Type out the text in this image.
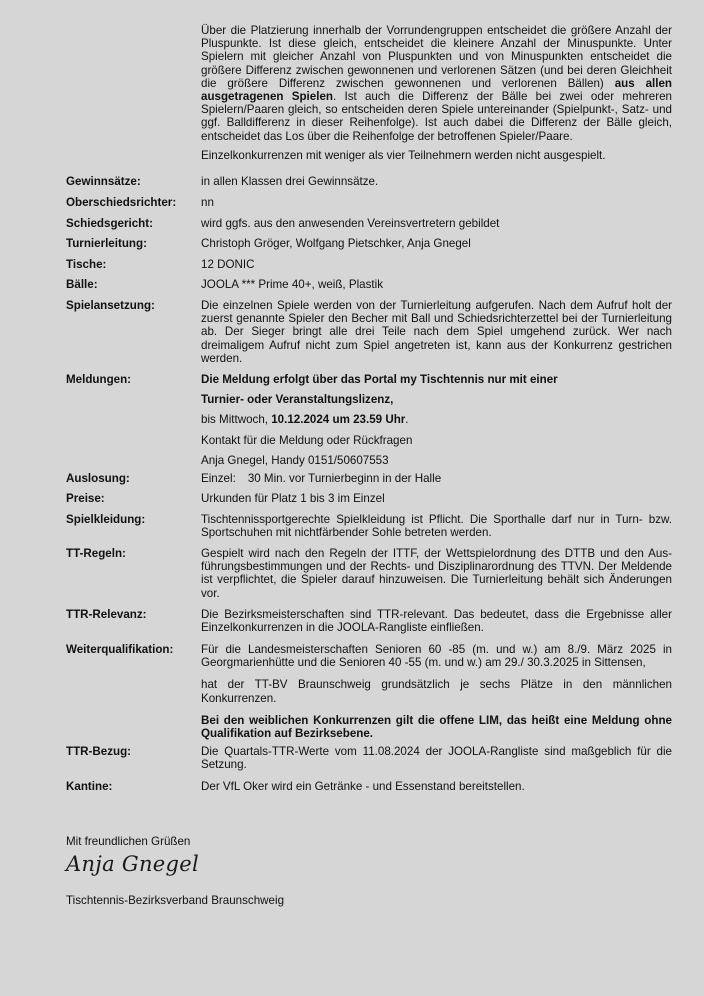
Über die Platzierung innerhalb der Vorrundengruppen entscheidet die größere Anzahl der Pluspunkte. Ist diese gleich, entscheidet die kleinere Anzahl der Minuspunkte. Unter Spielern mit gleicher Anzahl von Pluspunkten und von Minuspunkten entscheidet die größere Differenz zwischen gewonnenen und verlorenen Sätzen (und bei deren Gleichheit die größere Differenz zwischen gewonnenen und verlorenen Bällen) aus allen ausgetragenen Spielen. Ist auch die Differenz der Bälle bei zwei oder mehreren Spielern/Paaren gleich, so entscheiden deren Spiele untereinander (Spielpunkt-, Satz- und ggf. Balldifferenz in dieser Reihenfolge). Ist auch dabei die Differenz der Bälle gleich, entscheidet das Los über die Reihenfolge der betroffenen Spieler/Paare.

Einzelkonkurrenzen mit weniger als vier Teilnehmern werden nicht ausgespielt.

Gewinnsätze:	in allen Klassen drei Gewinnsätze.
Oberschiedsrichter:	nn
Schiedsgericht:	wird ggfs. aus den anwesenden Vereinsvertretern gebildet
Turnierleitung:	Christoph Gröger, Wolfgang Pietschker, Anja Gnegel
Tische:	12 DONIC
Bälle:	JOOLA *** Prime 40+, weiß, Plastik
Spielansetzung:	Die einzelnen Spiele werden von der Turnierleitung aufgerufen. Nach dem Aufruf holt der zuerst genannte Spieler den Becher mit Ball und Schiedsrichterzettel bei der Turnierleitung ab. Der Sieger bringt alle drei Teile nach dem Spiel umgehend zurück. Wer nach dreimaligem Aufruf nicht zum Spiel angetreten ist, kann aus der Konkurrenz gestrichen werden.

Meldungen:	Die Meldung erfolgt über das Portal my Tischtennis nur mit einer
Turnier- oder Veranstaltungslizenz,
bis Mittwoch, 10.12.2024 um 23.59 Uhr.
Kontakt für die Meldung oder Rückfragen
Anja Gnegel, Handy 0151/50607553
Auslosung:	Einzel: 30 Min. vor Turnierbeginn in der Halle
Preise:	Urkunden für Platz 1 bis 3 im Einzel
Spielkleidung:	Tischtennissportgerechte Spielkleidung ist Pflicht. Die Sporthalle darf nur in Turn- bzw. Sportschuhen mit nichtfärbender Sohle betreten werden.

TT-Regeln:	Gespielt wird nach den Regeln der ITTF, der Wettspielordnung des DTTB und den Aus-führungsbestimmungen und der Rechts- und Disziplinarordnung des TTVN. Der Meldende ist verpflichtet, die Spieler darauf hinzuweisen. Die Turnierleitung behält sich Änderungen vor.

TTR-Relevanz:	Die Bezirksmeisterschaften sind TTR-relevant. Das bedeutet, dass die Ergebnisse aller Einzelkonkurrenzen in die JOOLA-Rangliste einfließen.

Weiterqualifikation:	Für die Landesmeisterschaften Senioren 60 -85 (m. und w.) am 8./9. März 2025 in Georgmarienhütte und die Senioren 40 -55 (m. und w.) am 29./ 30.3.2025 in Sittensen,

hat der TT-BV Braunschweig grundsätzlich je sechs Plätze in den männlichen Konkurrenzen.

Bei den weiblichen Konkurrenzen gilt die offene LIM, das heißt eine Meldung ohne Qualifikation auf Bezirksebene.

TTR-Bezug:	Die Quartals-TTR-Werte vom 11.08.2024 der JOOLA-Rangliste sind maßgeblich für die Setzung.

Kantine:	Der VfL Oker wird ein Getränke - und Essenstand bereitstellen.
Mit freundlichen Grüßen
Anja Gnegel
Tischtennis-Bezirksverband Braunschweig
